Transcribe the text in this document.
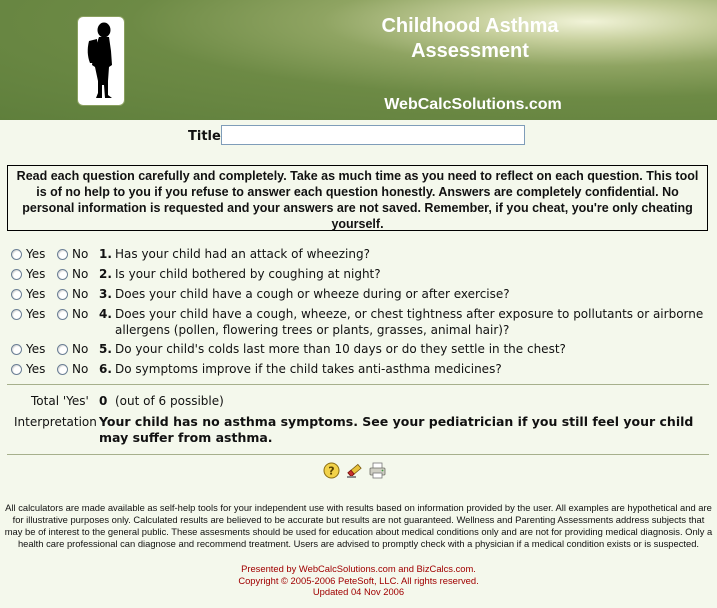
Childhood Asthma
Assessment
WebCalcSolutions.com
Title
Read each question carefully and completely. Take as much time as you need to reflect on each question. This tool is of no help to you if you refuse to answer each question honestly. Answers are completely confidential. No personal information is requested and your answers are not saved. Remember, if you cheat, you're only cheating yourself.
Yes No 1. Has your child had an attack of wheezing?
Yes No 2. Is your child bothered by coughing at night?
Yes No 3. Does your child have a cough or wheeze during or after exercise?
Yes No 4. Does your child have a cough, wheeze, or chest tightness after exposure to pollutants or airborne allergens (pollen, flowering trees or plants, grasses, animal hair)?
Yes No 5. Do your child's colds last more than 10 days or do they settle in the chest?
Yes No 6. Do symptoms improve if the child takes anti-asthma medicines?
Total 'Yes' 0 (out of 6 possible)
Interpretation Your child has no asthma symptoms. See your pediatrician if you still feel your child may suffer from asthma.
?
All calculators are made available as self-help tools for your independent use with results based on information provided by the user. All examples are hypothetical and are for illustrative purposes only. Calculated results are believed to be accurate but results are not guaranteed. Wellness and Parenting Assessments address subjects that may be of interest to the general public. These assesments should be used for education about medical conditions only and are not for providing medical diagnosis. Only a health care professional can diagnose and recommend treatment. Users are advised to promptly check with a physician if a medical condition exists or is suspected.
Presented by WebCalcSolutions.com and BizCalcs.com.
Copyright © 2005-2006 PeteSoft, LLC. All rights reserved.
Updated 04 Nov 2006
